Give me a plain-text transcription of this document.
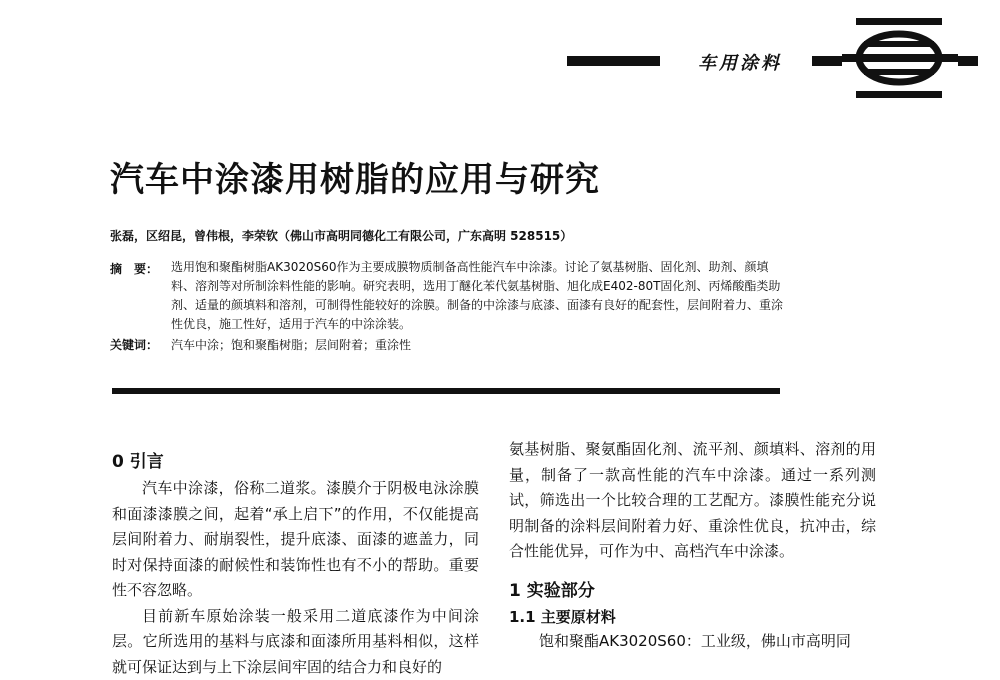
车用涂料
汽车中涂漆用树脂的应用与研究
张磊，区绍昆，曾伟根，李荣钦（佛山市高明同德化工有限公司，广东高明 528515）
摘　要： 选用饱和聚酯树脂AK3020S60作为主要成膜物质制备高性能汽车中涂漆。讨论了氨基树脂、固化剂、助剂、颜填料、溶剂等对所制涂料性能的影响。研究表明，选用丁醚化苯代氨基树脂、旭化成E402-80T固化剂、丙烯酸酯类助剂、适量的颜填料和溶剂，可制得性能较好的涂膜。制备的中涂漆与底漆、面漆有良好的配套性，层间附着力、重涂性优良，施工性好，适用于汽车的中涂涂装。
关键词： 汽车中涂；饱和聚酯树脂；层间附着；重涂性

0 引言

汽车中涂漆，俗称二道浆。漆膜介于阴极电泳涂膜和面漆漆膜之间，起着“承上启下”的作用，不仅能提高层间附着力、耐崩裂性，提升底漆、面漆的遮盖力，同时对保持面漆的耐候性和装饰性也有不小的帮助。重要性不容忽略。

目前新车原始涂装一般采用二道底漆作为中间涂层。它所选用的基料与底漆和面漆所用基料相似，这样就可保证达到与上下涂层间牢固的结合力和良好的

氨基树脂、聚氨酯固化剂、流平剂、颜填料、溶剂的用量，制备了一款高性能的汽车中涂漆。通过一系列测试，筛选出一个比较合理的工艺配方。漆膜性能充分说明制备的涂料层间附着力好、重涂性优良，抗冲击，综合性能优异，可作为中、高档汽车中涂漆。

1 实验部分

1.1 主要原材料

饱和聚酯AK3020S60：工业级，佛山市高明同
